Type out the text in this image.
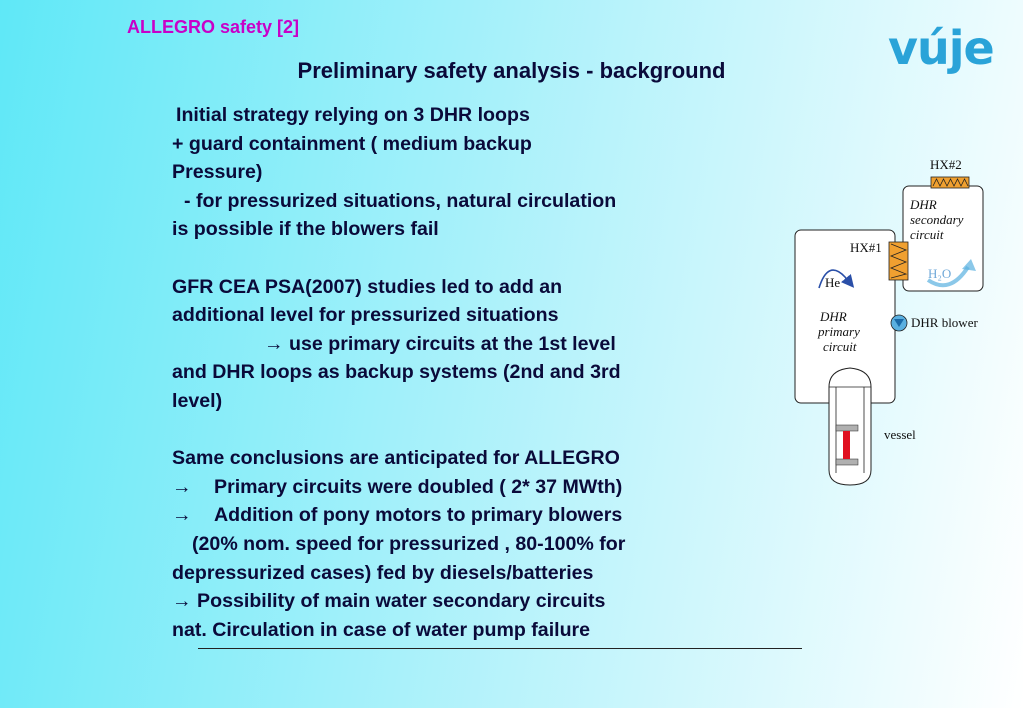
ALLEGRO safety [2]
Preliminary safety analysis - background	vúje

Initial strategy relying on 3 DHR loops

+ guard containment ( medium backup

Pressure)

- for pressurized situations, natural circulation

is possible if the blowers fail

GFR CEA PSA(2007) studies led to add an

additional level for pressurized situations

→ use primary circuits at the 1st level

and DHR loops as backup systems (2nd and 3rd

level)

Same conclusions are anticipated for ALLEGRO

→ Primary circuits were doubled ( 2* 37 MWth)

→ Addition of pony motors to primary blowers

(20% nom. speed for pressurized , 80-100% for

depressurized cases) fed by diesels/batteries

→ Possibility of main water secondary circuits

nat. Circulation in case of water pump failure

HX#2
DHR
secondary
circuit
H₂O
HX#1
He
DHR
primary
circuit
DHR blower
vessel
